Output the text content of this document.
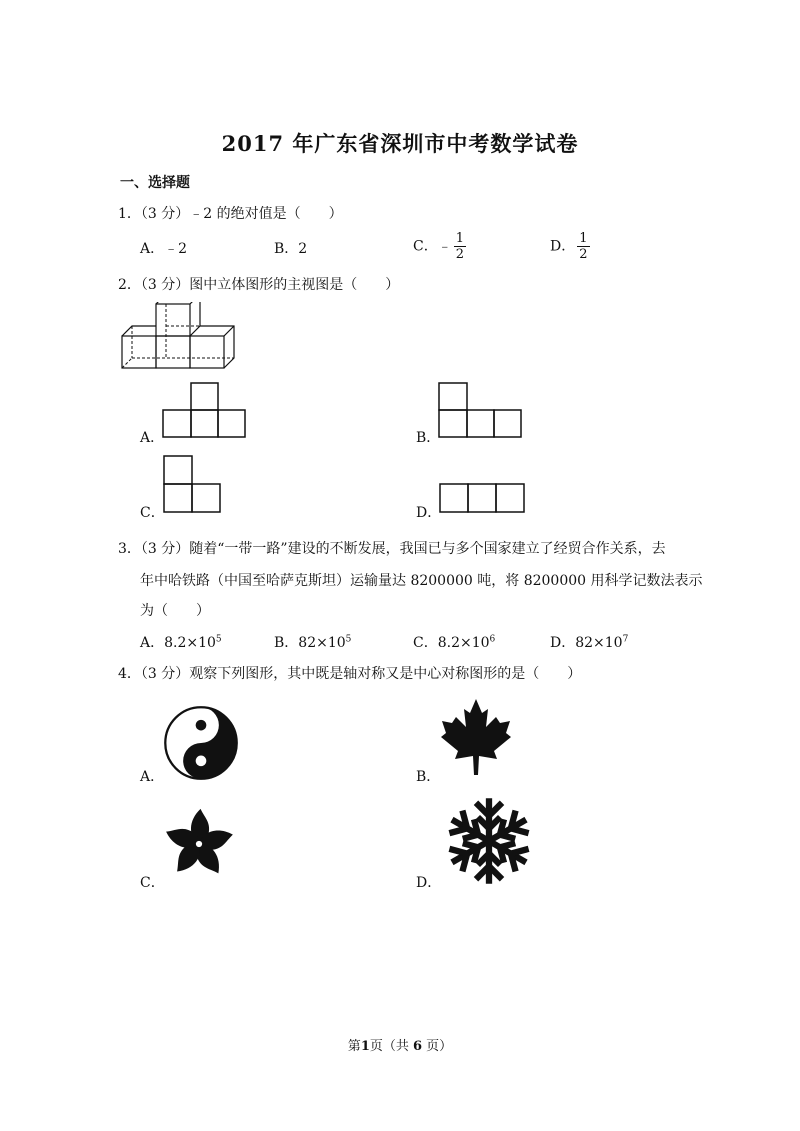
2017 年广东省深圳市中考数学试卷
一、选择题
1．（3 分）﹣2 的绝对值是（　　）
A．﹣2	B．2	C．﹣ $\frac{1}{2}$	D． $\frac{1}{2}$
2．（3 分）图中立体图形的主视图是（　　）
A．	B．
C．	D．
3．（3 分）随着“一带一路”建设的不断发展，我国已与多个国家建立了经贸合作关系，去
年中哈铁路（中国至哈萨克斯坦）运输量达 8200000 吨，将 8200000 用科学记数法表示
为（　　）
A．$8.2\times 10^5$	B．$82\times 10^5$	C．$8.2\times 10^6$	D．$82\times 10^7$
4．（3 分）观察下列图形，其中既是轴对称又是中心对称图形的是（　　）
A．	B．
C．	D．
第1页（共 6 页）
